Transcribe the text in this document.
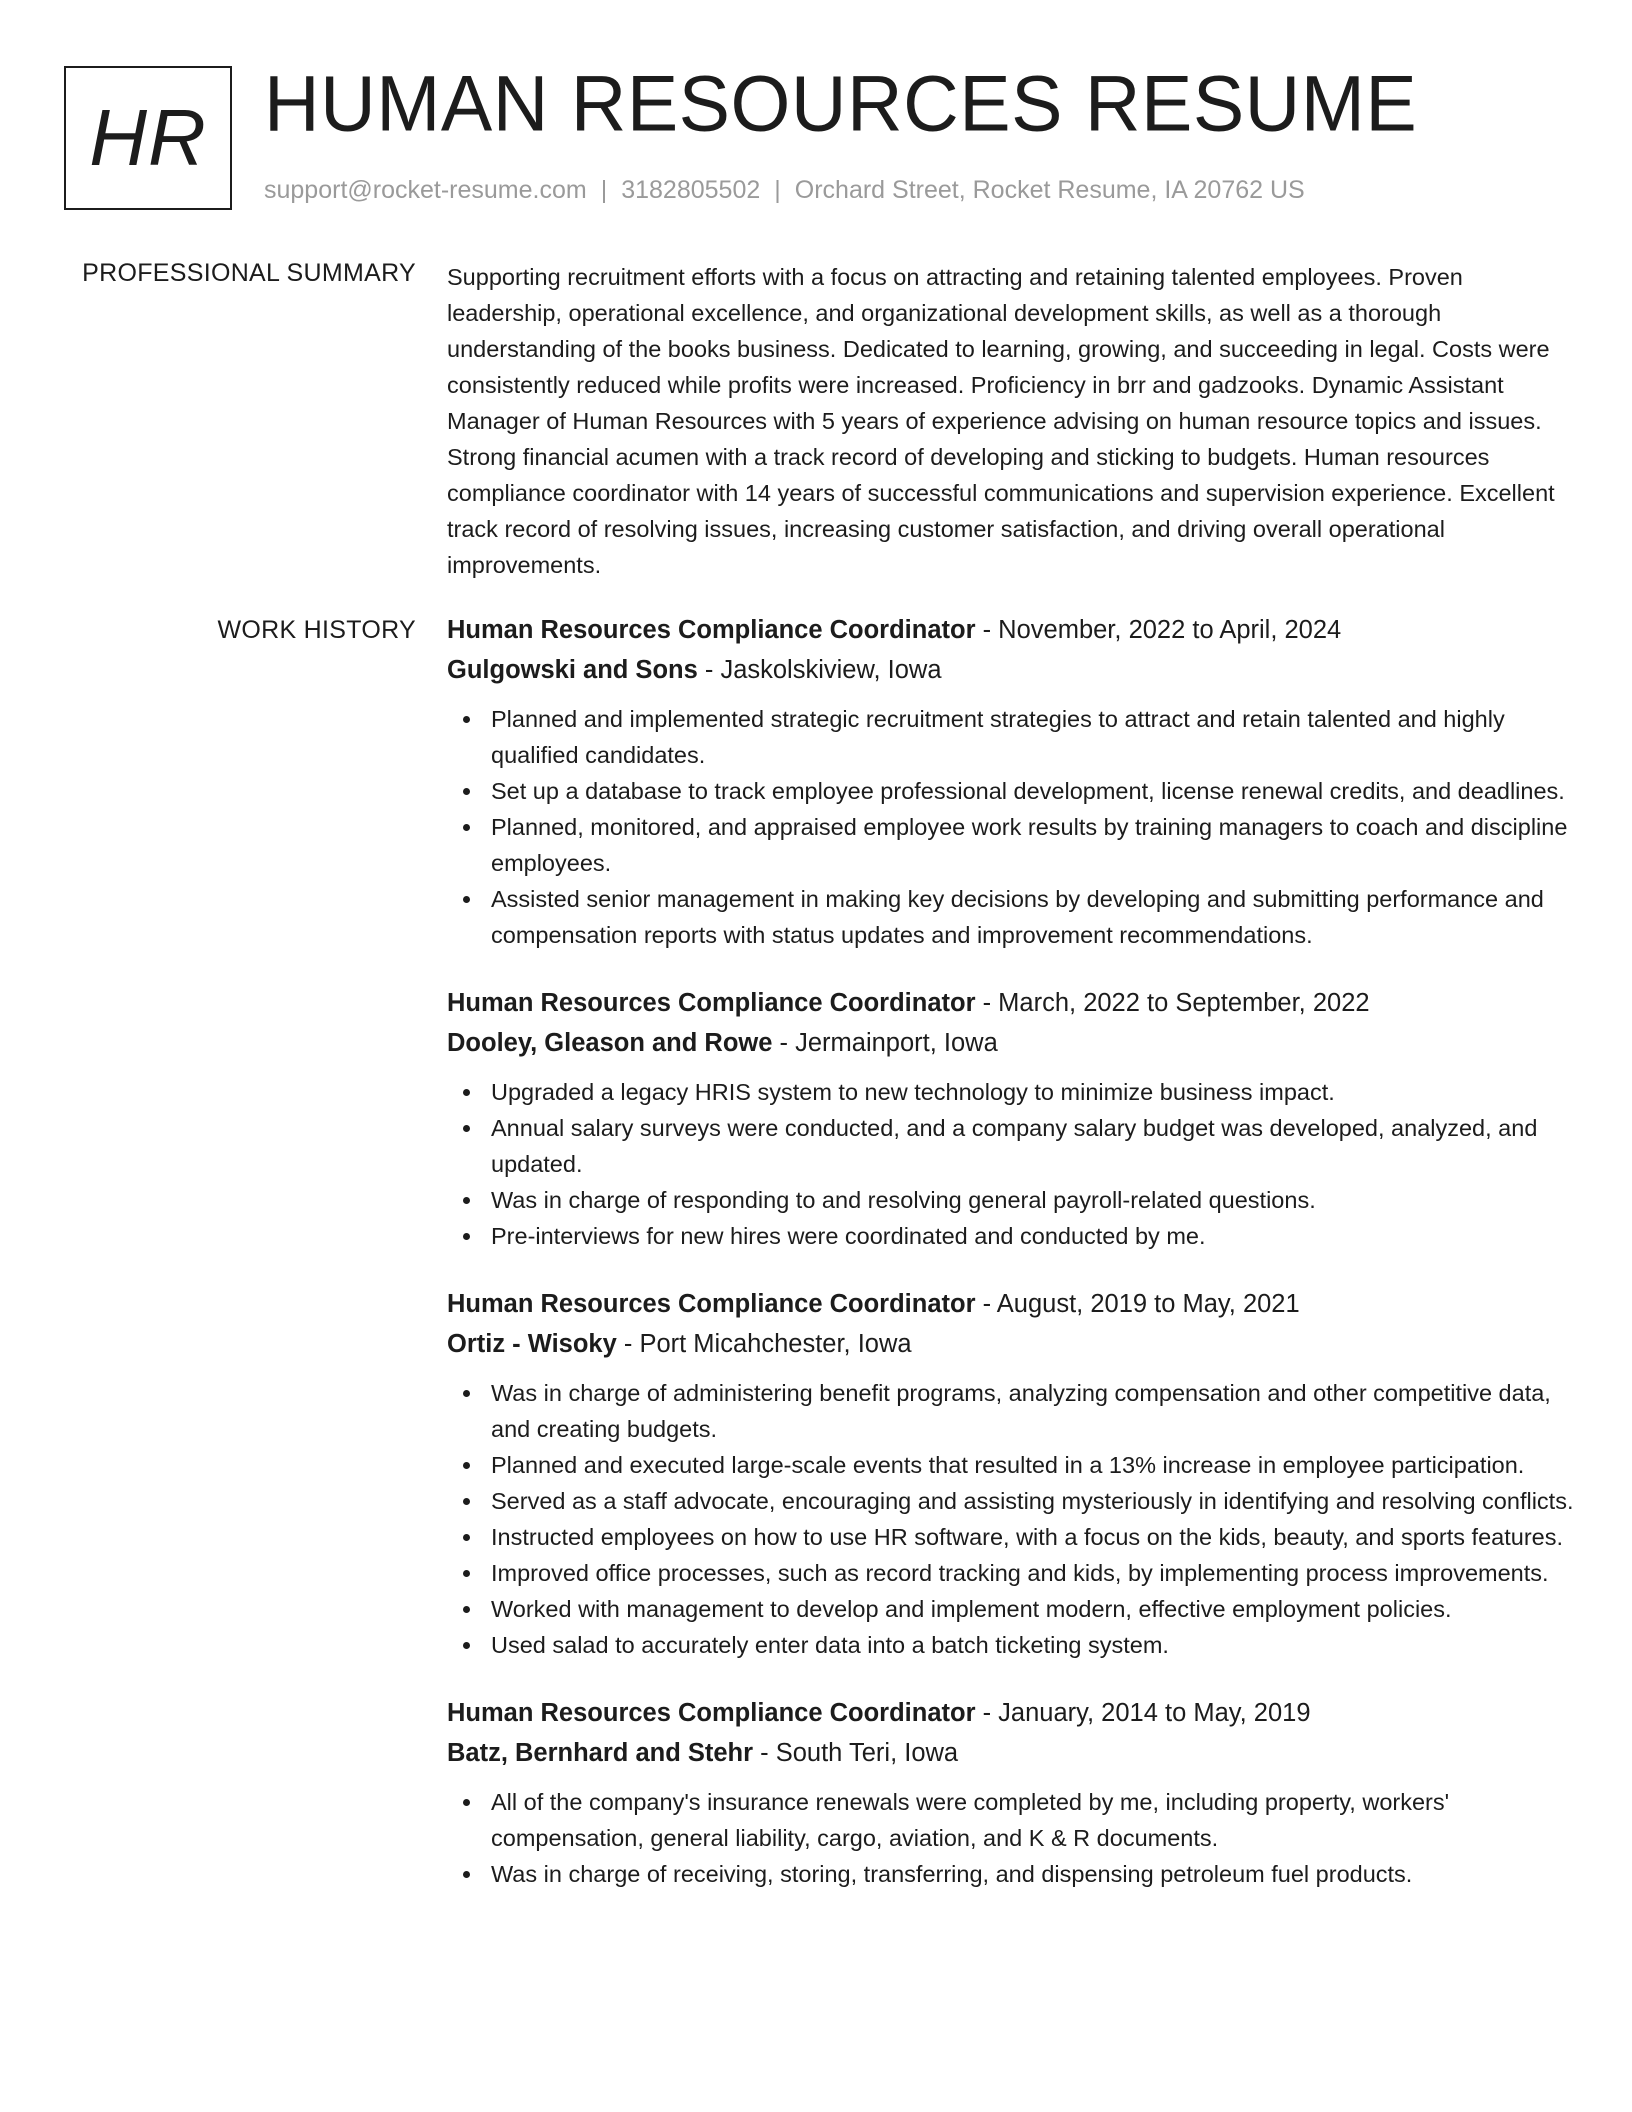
HR HUMAN RESOURCES RESUME
support@rocket-resume.com | 3182805502 | Orchard Street, Rocket Resume, IA 20762 US
PROFESSIONAL SUMMARY Supporting recruitment efforts with a focus on attracting and retaining talented employees. Proven leadership, operational excellence, and organizational development skills, as well as a thorough understanding of the books business. Dedicated to learning, growing, and succeeding in legal. Costs were consistently reduced while profits were increased. Proficiency in brr and gadzooks. Dynamic Assistant Manager of Human Resources with 5 years of experience advising on human resource topics and issues. Strong financial acumen with a track record of developing and sticking to budgets. Human resources compliance coordinator with 14 years of successful communications and supervision experience. Excellent track record of resolving issues, increasing customer satisfaction, and driving overall operational improvements.

WORK HISTORY Human Resources Compliance Coordinator - November, 2022 to April, 2024
Gulgowski and Sons - Jaskolskiview, Iowa
Planned and implemented strategic recruitment strategies to attract and retain talented and highly qualified candidates.
Set up a database to track employee professional development, license renewal credits, and deadlines.
Planned, monitored, and appraised employee work results by training managers to coach and discipline employees.
Assisted senior management in making key decisions by developing and submitting performance and compensation reports with status updates and improvement recommendations.
Human Resources Compliance Coordinator - March, 2022 to September, 2022
Dooley, Gleason and Rowe - Jermainport, Iowa
Upgraded a legacy HRIS system to new technology to minimize business impact.
Annual salary surveys were conducted, and a company salary budget was developed, analyzed, and updated.
Was in charge of responding to and resolving general payroll-related questions.
Pre-interviews for new hires were coordinated and conducted by me.
Human Resources Compliance Coordinator - August, 2019 to May, 2021
Ortiz - Wisoky - Port Micahchester, Iowa
Was in charge of administering benefit programs, analyzing compensation and other competitive data, and creating budgets.
Planned and executed large-scale events that resulted in a 13% increase in employee participation.
Served as a staff advocate, encouraging and assisting mysteriously in identifying and resolving conflicts.
Instructed employees on how to use HR software, with a focus on the kids, beauty, and sports features.
Improved office processes, such as record tracking and kids, by implementing process improvements.
Worked with management to develop and implement modern, effective employment policies.
Used salad to accurately enter data into a batch ticketing system.
Human Resources Compliance Coordinator - January, 2014 to May, 2019
Batz, Bernhard and Stehr - South Teri, Iowa
All of the company's insurance renewals were completed by me, including property, workers' compensation, general liability, cargo, aviation, and K & R documents.
Was in charge of receiving, storing, transferring, and dispensing petroleum fuel products.
